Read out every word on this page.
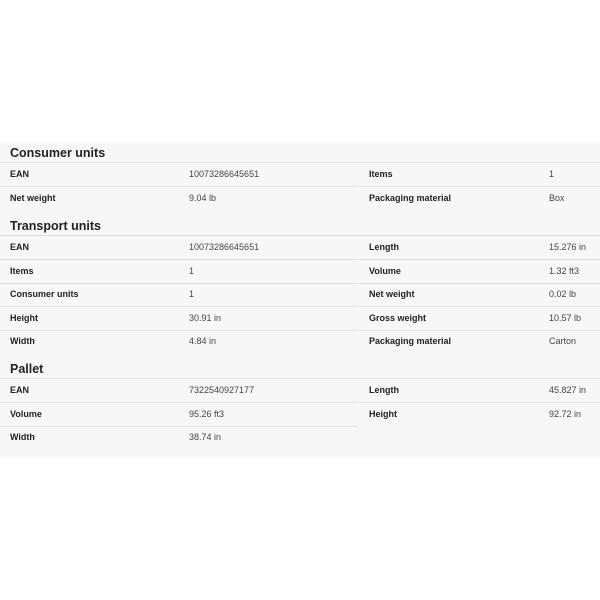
Consumer units
EAN	10073286645651	Items	1
Net weight	9.04 lb	Packaging material	Box
Transport units
EAN	10073286645651	Length	15.276 in
Items	1	Volume	1.32 ft3
Consumer units	1	Net weight	0.02 lb
Height	30.91 in	Gross weight	10.57 lb
Width	4.84 in	Packaging material	Carton
Pallet
EAN	7322540927177	Length	45.827 in
Volume	95.26 ft3	Height	92.72 in
Width	38.74 in
